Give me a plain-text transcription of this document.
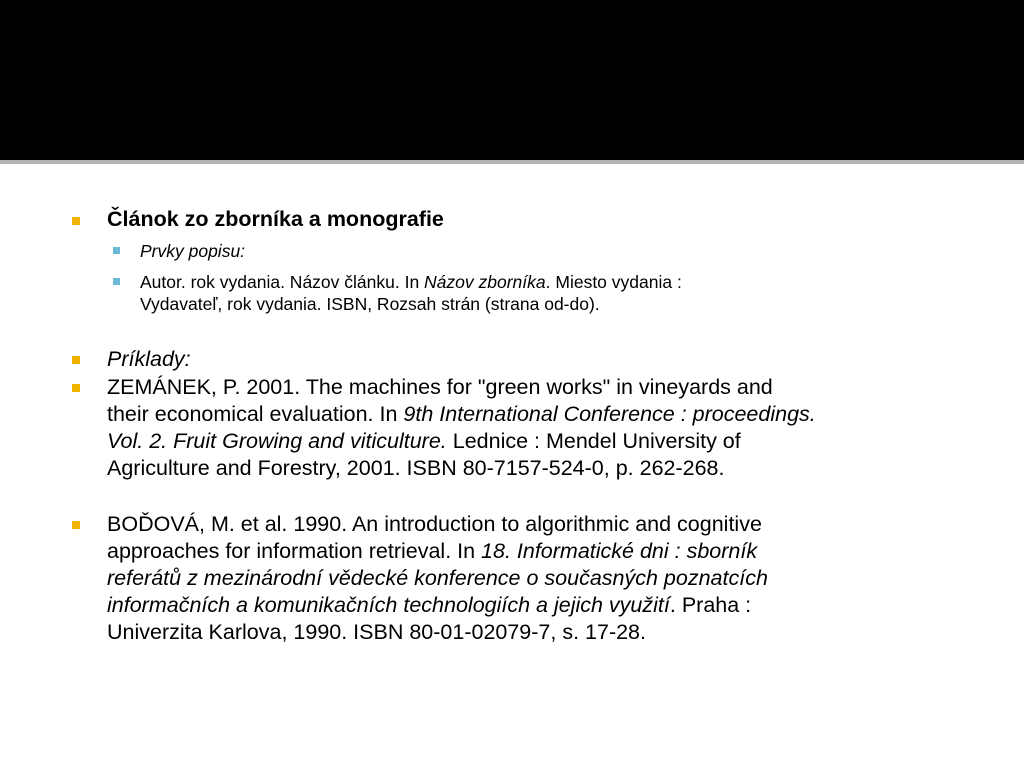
Článok zo zborníka a monografie
Prvky popisu:
Autor. rok vydania. Názov článku. In Názov zborníka. Miesto vydania :
Vydavateľ, rok vydania. ISBN, Rozsah strán (strana od-do).
Príklady:
ZEMÁNEK, P. 2001. The machines for "green works" in vineyards and
their economical evaluation. In 9th International Conference : proceedings.
Vol. 2. Fruit Growing and viticulture. Lednice : Mendel University of
Agriculture and Forestry, 2001. ISBN 80-7157-524-0, p. 262-268.
BOĎOVÁ, M. et al. 1990. An introduction to algorithmic and cognitive
approaches for information retrieval. In 18. Informatické dni : sborník
referátů z mezinárodní vědecké konference o současných poznatcích
informačních a komunikačních technologiích a jejich využití. Praha :
Univerzita Karlova, 1990. ISBN 80-01-02079-7, s. 17-28.
